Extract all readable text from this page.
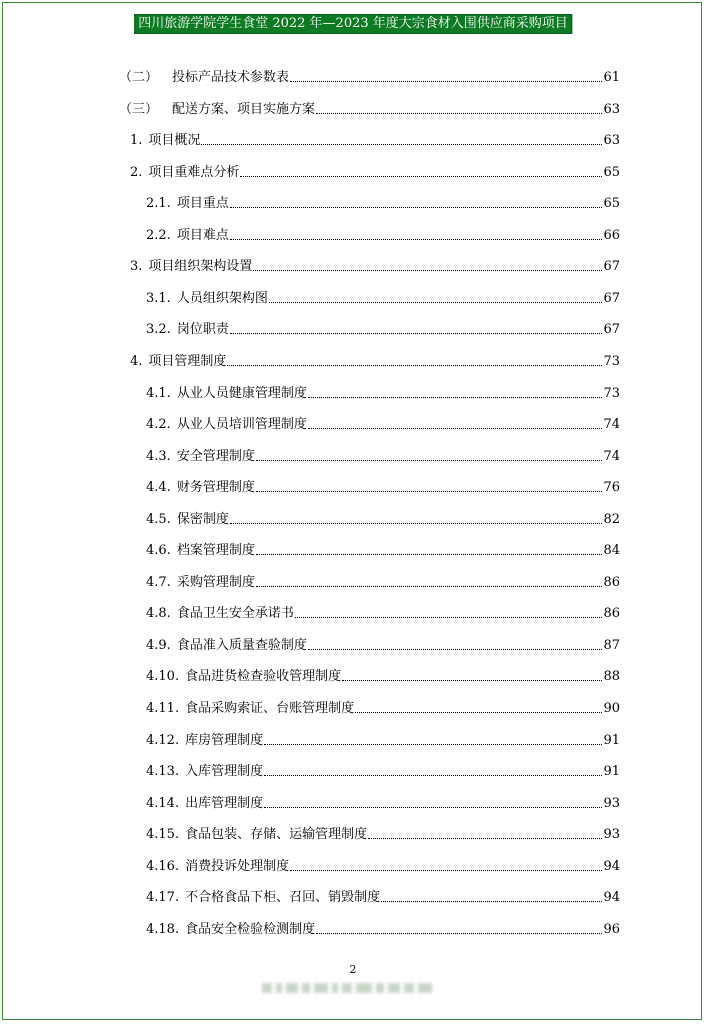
四川旅游学院学生食堂 2022 年—2023 年度大宗食材入围供应商采购项目
（二） 投标产品技术参数表	61
（三） 配送方案、项目实施方案	63
1. 项目概况	63
2. 项目重难点分析	65
2.1. 项目重点	65
2.2. 项目难点	66
3. 项目组织架构设置	67
3.1. 人员组织架构图	67
3.2. 岗位职责	67
4. 项目管理制度	73
4.1. 从业人员健康管理制度	73
4.2. 从业人员培训管理制度	74
4.3. 安全管理制度	74
4.4. 财务管理制度	76
4.5. 保密制度	82
4.6. 档案管理制度	84
4.7. 采购管理制度	86
4.8. 食品卫生安全承诺书	86
4.9. 食品准入质量查验制度	87
4.10. 食品进货检查验收管理制度	88
4.11. 食品采购索证、台账管理制度	90
4.12. 库房管理制度	91
4.13. 入库管理制度	91
4.14. 出库管理制度	93
4.15. 食品包装、存储、运输管理制度	93
4.16. 消费投诉处理制度	94
4.17. 不合格食品下柜、召回、销毁制度	94
4.18. 食品安全检验检测制度	96
2
